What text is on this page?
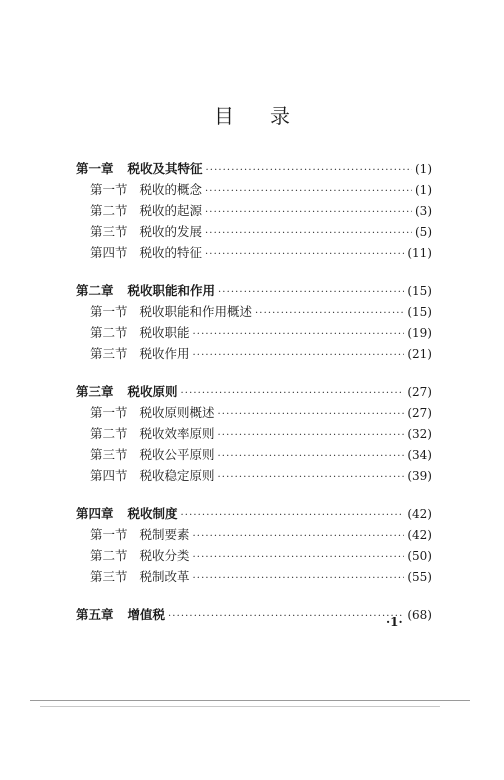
目 录
第一章 税收及其特征 ·····	(1)
第一节 税收的概念 ·····	(1)
第二节 税收的起源 ·····	(3)
第三节 税收的发展 ·····	(5)
第四节 税收的特征 ·····	(11)
第二章 税收职能和作用 ·····	(15)
第一节 税收职能和作用概述 ·····	(15)
第二节 税收职能 ·····	(19)
第三节 税收作用 ·····	(21)
第三章 税收原则 ·····	(27)
第一节 税收原则概述 ·····	(27)
第二节 税收效率原则 ·····	(32)
第三节 税收公平原则 ·····	(34)
第四节 税收稳定原则 ·····	(39)
第四章 税收制度 ·····	(42)
第一节 税制要素 ·····	(42)
第二节 税收分类 ·····	(50)
第三节 税制改革 ·····	(55)
第五章 增值税 ·····	(68)
·1·
